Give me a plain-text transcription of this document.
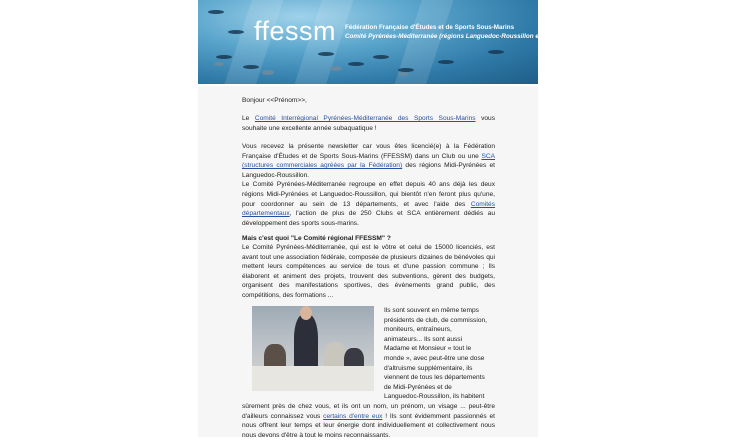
ffessm Fédération Française d'Études et de Sports Sous-Marins
Comité Pyrénées-Méditerranée (régions Languedoc-Roussillon et Midi-Pyrénées)
Bonjour <<Prénom>>,
Le Comité Interrégional Pyrénées-Méditerranée des Sports Sous-Marins vous souhaite une excellente année subaquatique !
Vous recevez la présente newsletter car vous êtes licencié(e) à la Fédération Française d'Études et de Sports Sous-Marins (FFESSM) dans un Club ou une SCA (structures commerciales agréées par la Fédération) des régions Midi-Pyrénées et Languedoc-Roussillon.
Le Comité Pyrénées-Méditerranée regroupe en effet depuis 40 ans déjà les deux régions Midi-Pyrénées et Languedoc-Roussillon, qui bientôt n'en feront plus qu'une, pour coordonner au sein de 13 départements, et avec l'aide des Comités départementaux, l'action de plus de 250 Clubs et SCA entièrement dédiés au développement des sports sous-marins.
Mais c'est quoi "Le Comité régional FFESSM" ?
Le Comité Pyrénées-Méditerranée, qui est le vôtre et celui de 15000 licenciés, est avant tout une association fédérale, composée de plusieurs dizaines de bénévoles qui mettent leurs compétences au service de tous et d'une passion commune ; Ils élaborent et animent des projets, trouvent des subventions, gèrent des budgets, organisent des manifestations sportives, des évènements grand public, des compétitions, des formations ...
Ils sont souvent en même temps
présidents de club, de commission,
moniteurs, entraîneurs,
animateurs... Ils sont aussi
Madame et Monsieur « tout le
monde », avec peut-être une dose
d'altruisme supplémentaire, ils
viennent de tous les départements
de Midi-Pyrénées et de
Languedoc-Roussillon, ils habitent
sûrement près de chez vous, et ils ont un nom, un prénom, un visage ... peut-être d'ailleurs connaissez vous certains d'entre eux ! Ils sont évidemment passionnés et nous offrent leur temps et leur énergie dont individuellement et collectivement nous nous devons d'être à tout le moins reconnaissants.
